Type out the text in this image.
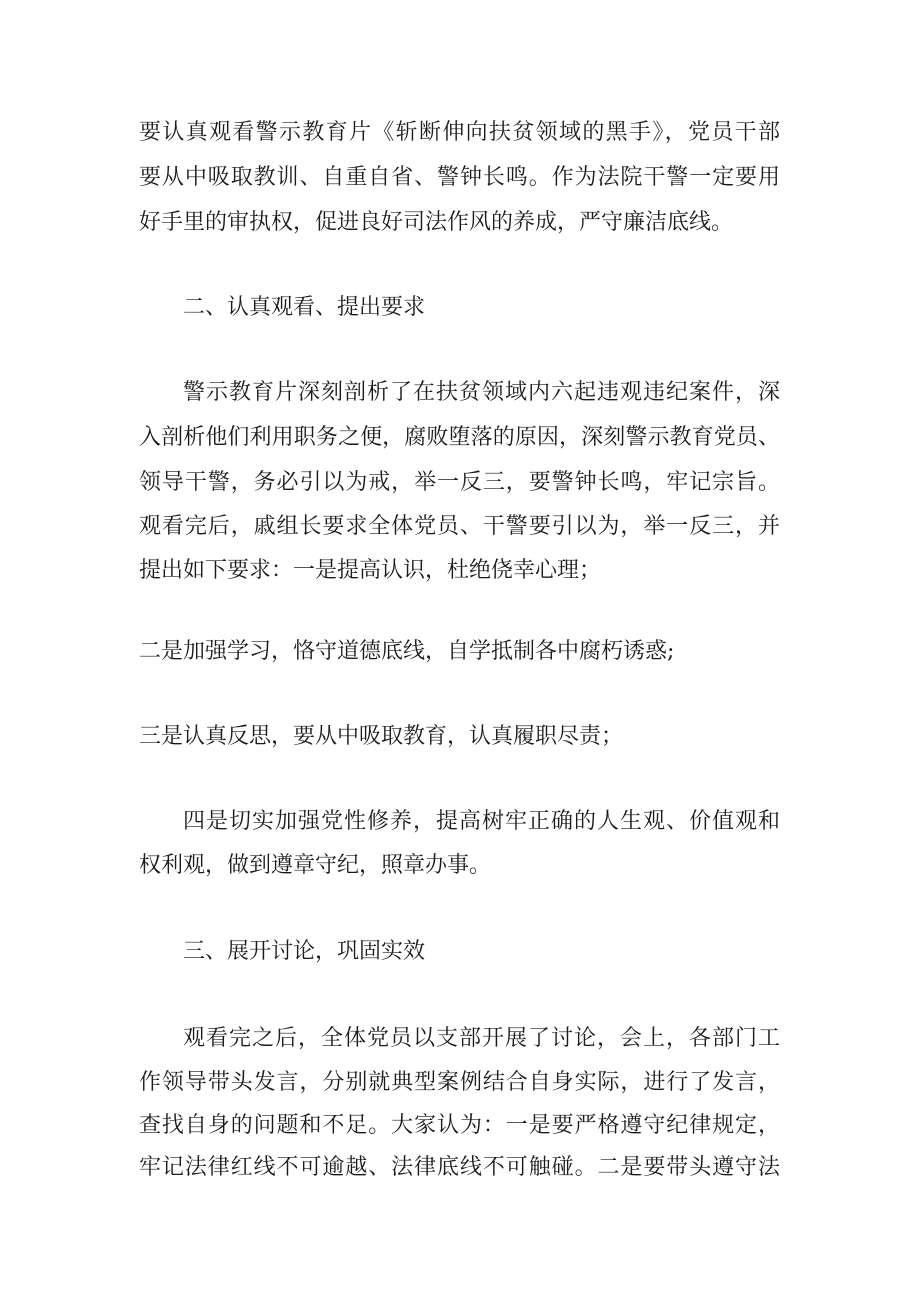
要认真观看警示教育片《斩断伸向扶贫领域的黑手》，党员干部
要从中吸取教训、自重自省、警钟长鸣。作为法院干警一定要用
好手里的审执权，促进良好司法作风的养成，严守廉洁底线。
二、认真观看、提出要求
警示教育片深刻剖析了在扶贫领域内六起违观违纪案件，深
入剖析他们利用职务之便，腐败堕落的原因，深刻警示教育党员、
领导干警，务必引以为戒，举一反三，要警钟长鸣，牢记宗旨。
观看完后，戚组长要求全体党员、干警要引以为，举一反三，并
提出如下要求：一是提高认识，杜绝侥幸心理；
二是加强学习，恪守道德底线，自学抵制各中腐朽诱惑;
三是认真反思，要从中吸取教育，认真履职尽责；
四是切实加强党性修养，提高树牢正确的人生观、价值观和
权利观，做到遵章守纪，照章办事。
三、展开讨论，巩固实效
观看完之后，全体党员以支部开展了讨论，会上，各部门工
作领导带头发言，分别就典型案例结合自身实际，进行了发言，
查找自身的问题和不足。大家认为：一是要严格遵守纪律规定，
牢记法律红线不可逾越、法律底线不可触碰。二是要带头遵守法
